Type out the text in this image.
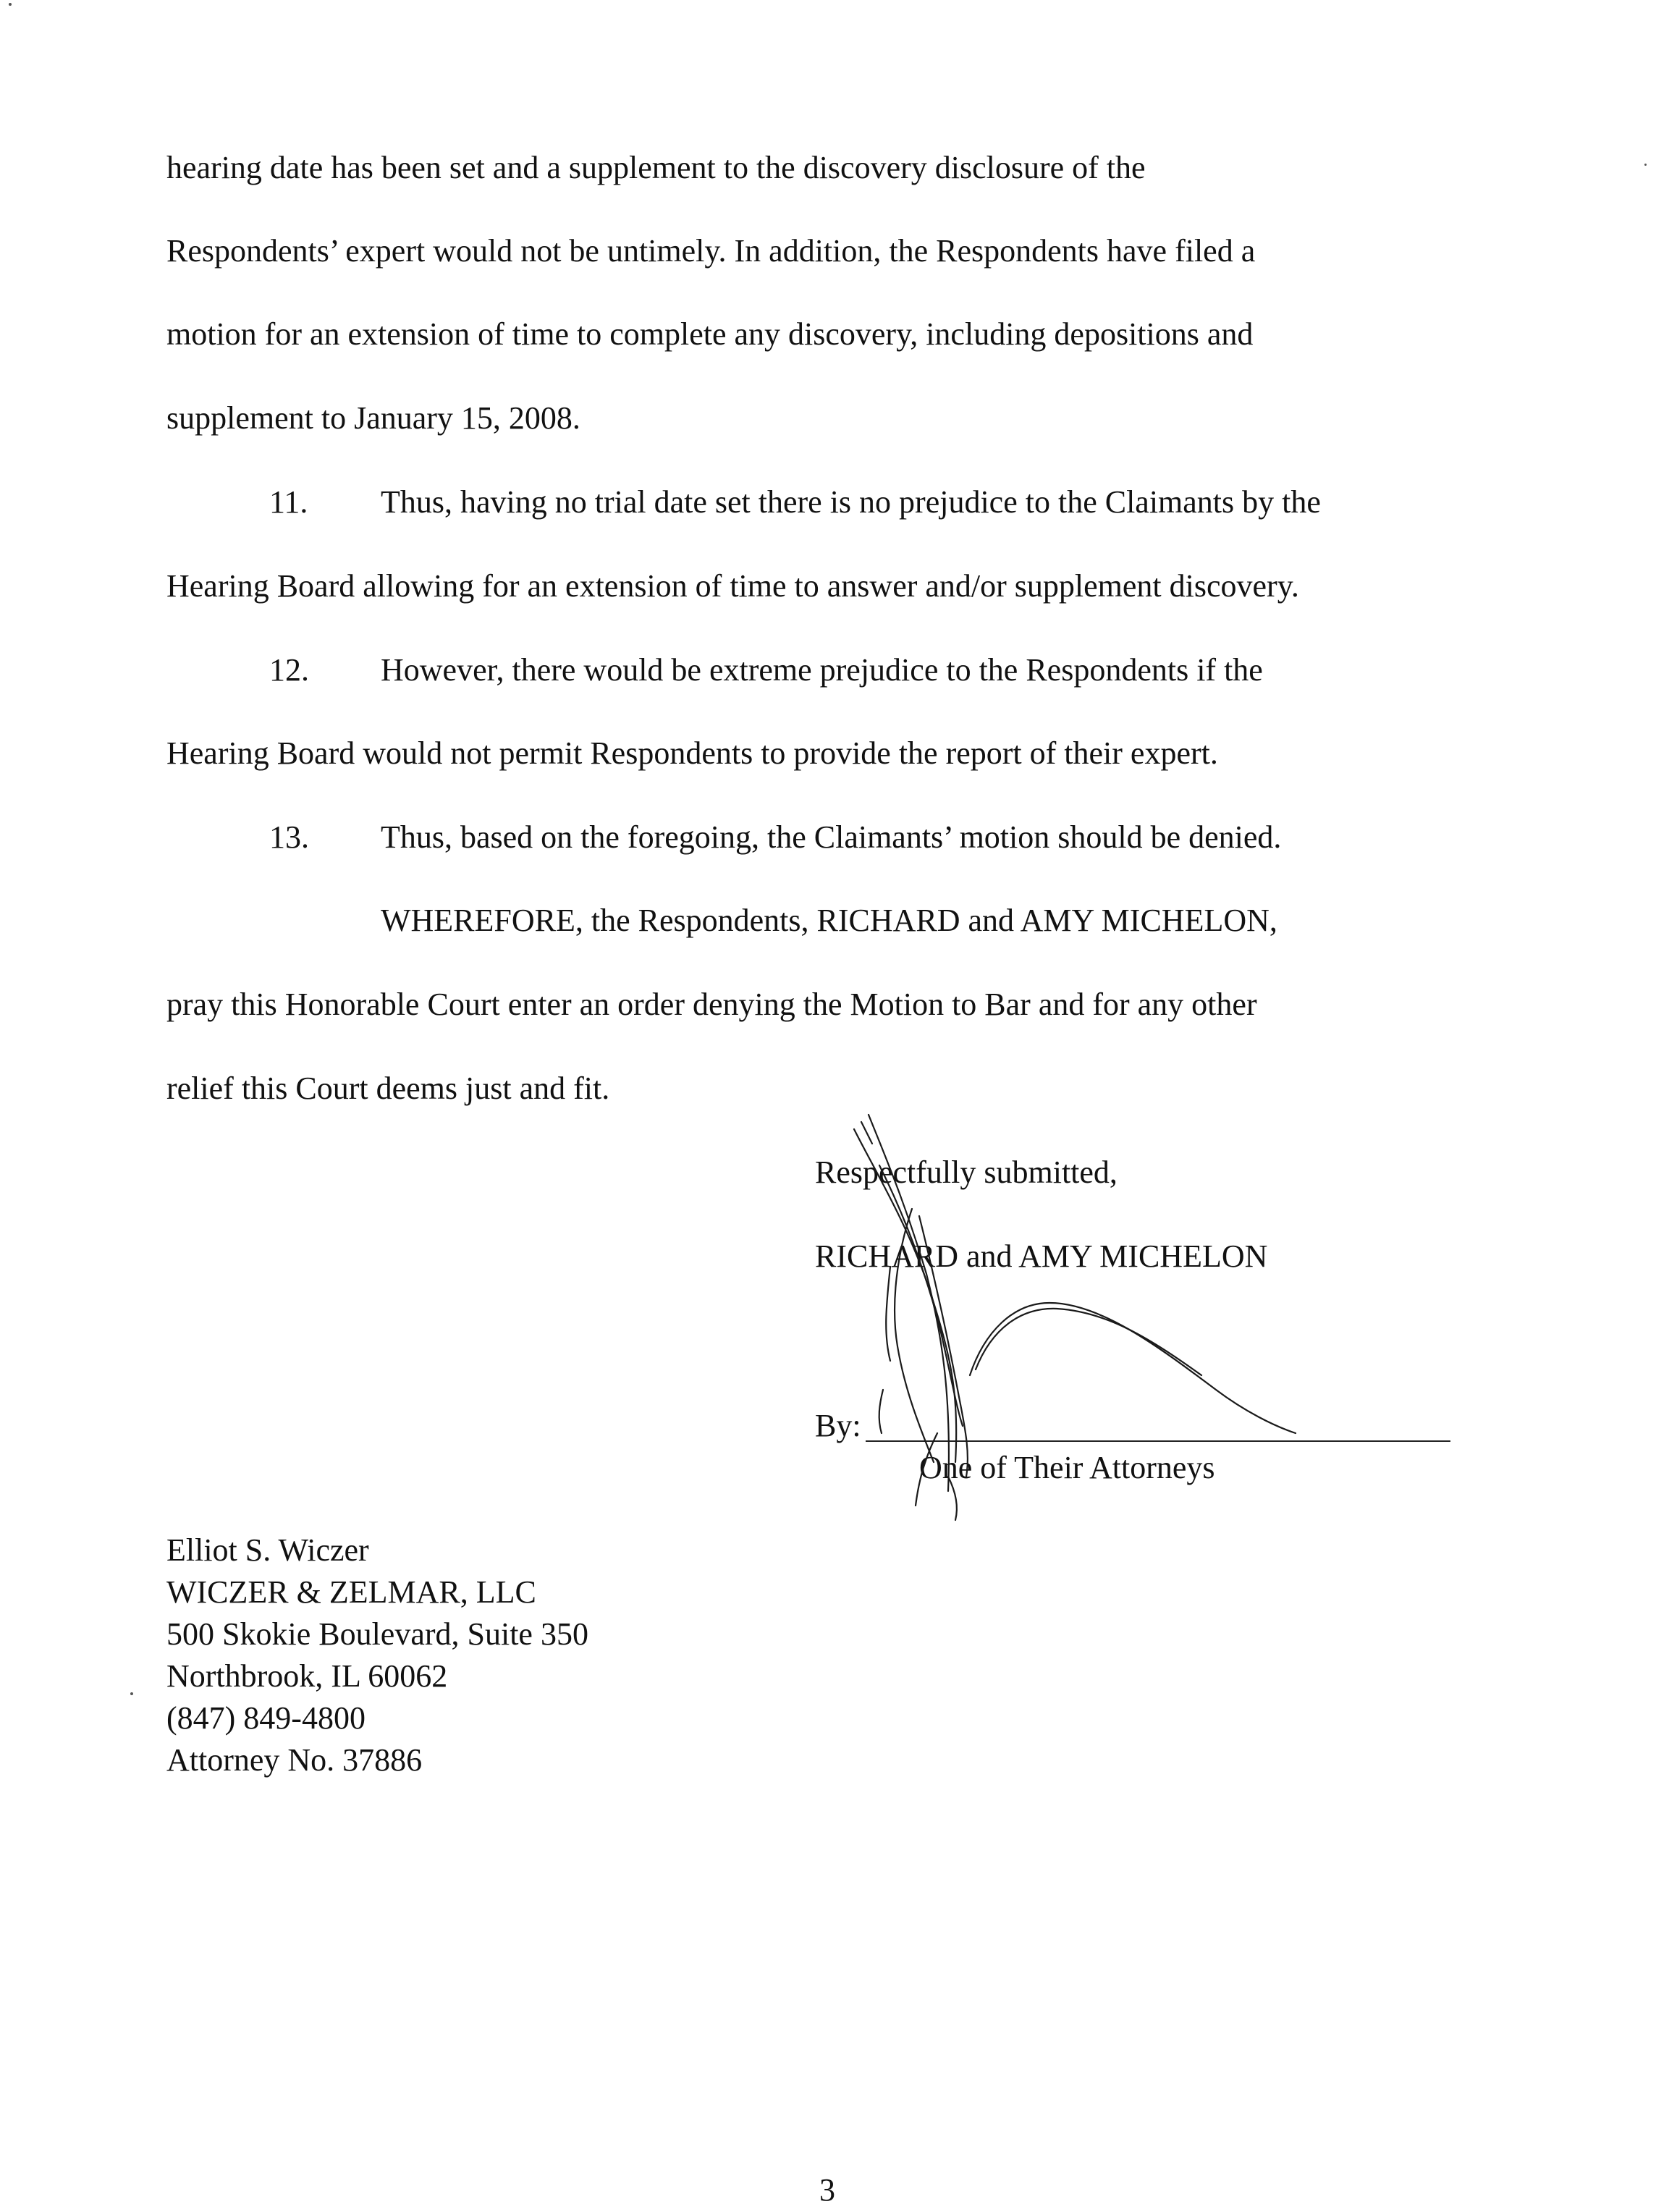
hearing date has been set and a supplement to the discovery disclosure of the

Respondents’ expert would not be untimely. In addition, the Respondents have filed a

motion for an extension of time to complete any discovery, including depositions and

supplement to January 15, 2008.

11. Thus, having no trial date set there is no prejudice to the Claimants by the

Hearing Board allowing for an extension of time to answer and/or supplement discovery.

12. However, there would be extreme prejudice to the Respondents if the

Hearing Board would not permit Respondents to provide the report of their expert.

13. Thus, based on the foregoing, the Claimants’ motion should be denied.

WHEREFORE, the Respondents, RICHARD and AMY MICHELON,

pray this Honorable Court enter an order denying the Motion to Bar and for any other

relief this Court deems just and fit.

Respectfully submitted,

RICHARD and AMY MICHELON

By:

One of Their Attorneys

Elliot S. Wiczer
WICZER & ZELMAR, LLC
500 Skokie Boulevard, Suite 350
Northbrook, IL 60062
(847) 849-4800
Attorney No. 37886
3
